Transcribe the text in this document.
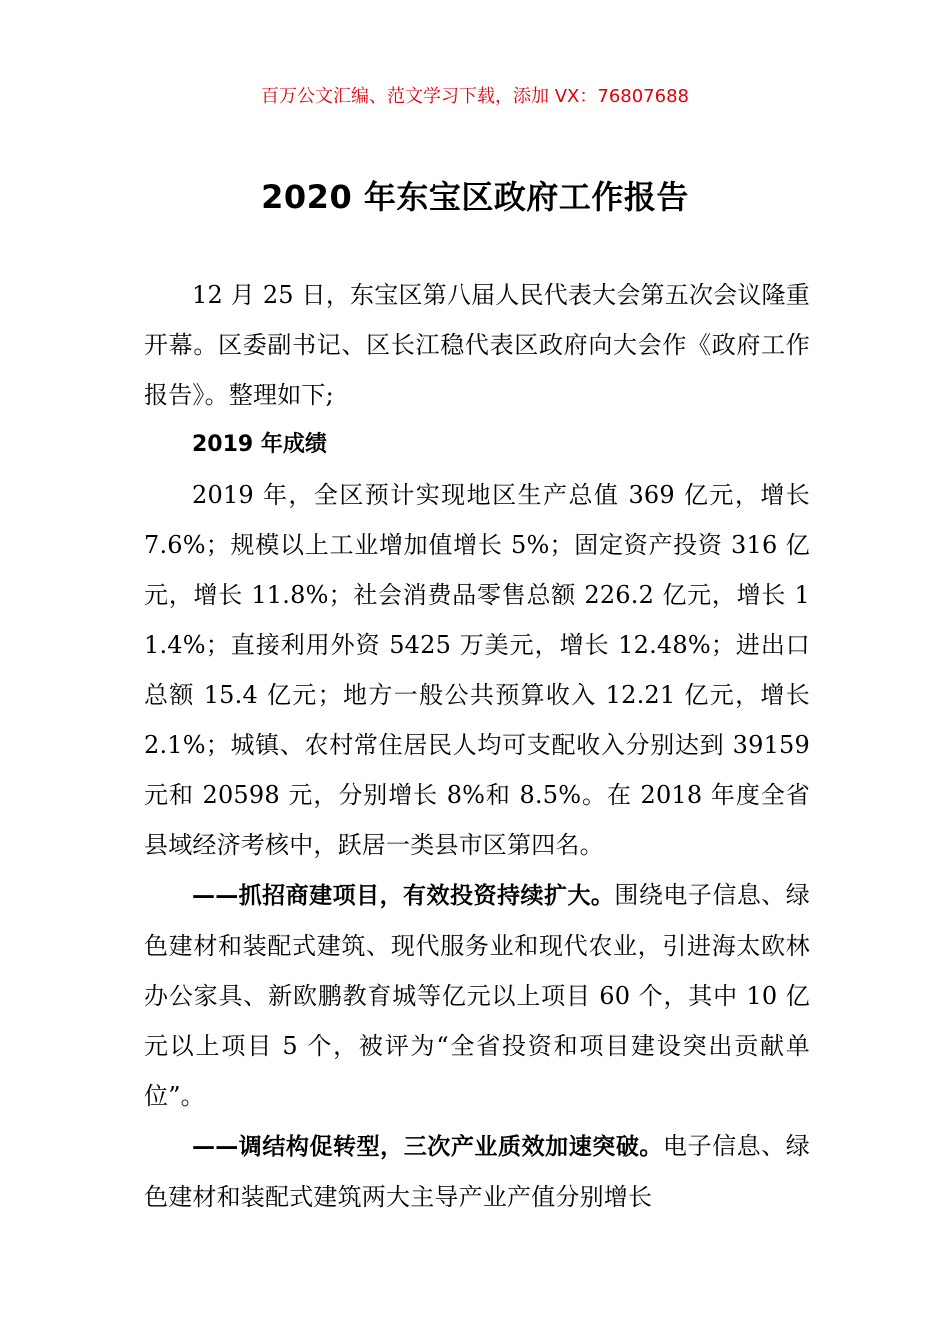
百万公文汇编、范文学习下载，添加 VX：76807688
2020 年东宝区政府工作报告

12 月 25 日，东宝区第八届人民代表大会第五次会议隆重开幕。区委副书记、区长江稳代表区政府向大会作《政府工作报告》。整理如下;

2019 年成绩

2019 年，全区预计实现地区生产总值 369 亿元，增长 7.6%；规模以上工业增加值增长 5%；固定资产投资 316 亿元，增长 11.8%；社会消费品零售总额 226.2 亿元，增长 11.4%；直接利用外资 5425 万美元，增长 12.48%；进出口总额 15.4 亿元；地方一般公共预算收入 12.21 亿元，增长 2.1%；城镇、农村常住居民人均可支配收入分别达到 39159 元和 20598 元，分别增长 8%和 8.5%。在 2018 年度全省县域经济考核中，跃居一类县市区第四名。

——抓招商建项目，有效投资持续扩大。围绕电子信息、绿色建材和装配式建筑、现代服务业和现代农业，引进海太欧林办公家具、新欧鹏教育城等亿元以上项目 60 个，其中 10 亿元以上项目 5 个，被评为“全省投资和项目建设突出贡献单位”。

——调结构促转型，三次产业质效加速突破。电子信息、绿色建材和装配式建筑两大主导产业产值分别增长
